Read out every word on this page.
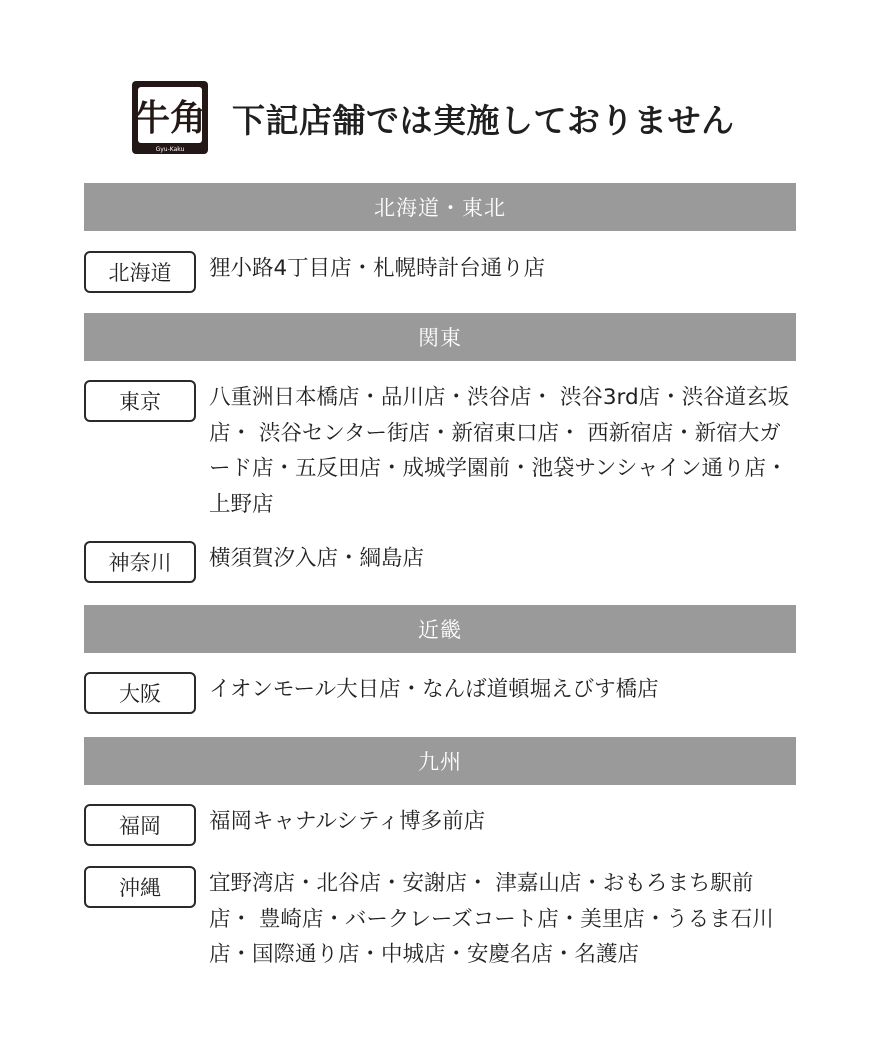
牛角
Gyu-Kaku
下記店舗では実施しておりません
北海道・東北
北海道	狸小路4丁目店・札幌時計台通り店
関東
東京	八重洲日本橋店・品川店・渋谷店・ 渋谷3rd店・渋谷道玄坂店・ 渋谷センター街店・新宿東口店・ 西新宿店・新宿大ガード店・五反田店・成城学園前・池袋サンシャイン通り店・上野店
神奈川	横須賀汐入店・綱島店
近畿
大阪	イオンモール大日店・なんば道頓堀えびす橋店
九州
福岡	福岡キャナルシティ博多前店
沖縄	宜野湾店・北谷店・安謝店・ 津嘉山店・おもろまち駅前店・ 豊崎店・バークレーズコート店・美里店・うるま石川店・国際通り店・中城店・安慶名店・名護店
